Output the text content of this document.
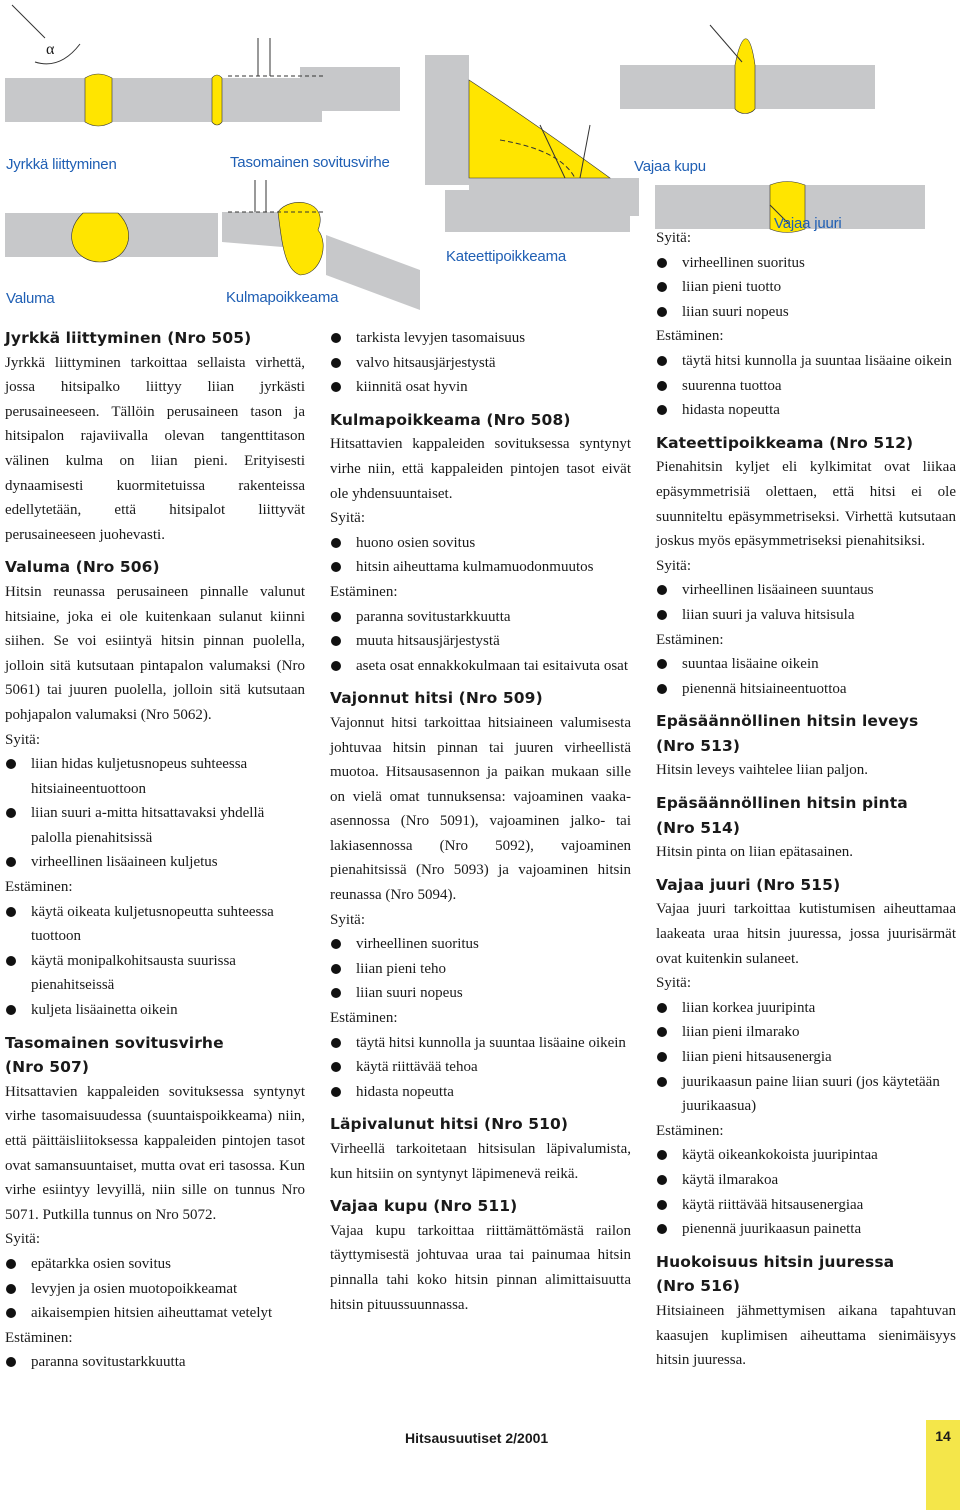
α
Jyrkkä liittyminen	Tasomainen sovitusvirhe	Vajaa kupu
Valuma	Kulmapoikkeama
Kateettipoikkeama
Vajaa juuri
Jyrkkä liittyminen (Nro 505)

Jyrkkä liittyminen tarkoittaa sellaista virhettä, jossa hitsipalko liittyy liian jyrkästi perusaineeseen. Tällöin perusaineen tason ja hitsipalon rajaviivalla olevan tangenttitason välinen kulma on liian pieni. Erityisesti dynaamisesti kuormitetuissa rakenteissa edellytetään, että hitsipalot liittyvät perusaineeseen juohevasti.

Valuma (Nro 506)

Hitsin reunassa perusaineen pinnalle valunut hitsiaine, joka ei ole kuitenkaan sulanut kiinni siihen. Se voi esiintyä hitsin pinnan puolella, jolloin sitä kutsutaan pintapalon valumaksi (Nro 5061) tai juuren puolella, jolloin sitä kutsutaan pohjapalon valumaksi (Nro 5062).

Syitä:
liian hidas kuljetusnopeus suhteessa hitsiaineentuottoon
liian suuri a-mitta hitsattavaksi yhdellä palolla pienahitsissä
virheellinen lisäaineen kuljetus
Estäminen:
käytä oikeata kuljetusnopeutta suhteessa tuottoon
käytä monipalkohitsausta suurissa pienahitseissä
kuljeta lisäainetta oikein
Tasomainen sovitusvirhe
(Nro 507)

Hitsattavien kappaleiden sovituksessa syntynyt virhe tasomaisuudessa (suuntaispoikkeama) niin, että päittäisliitoksessa kappaleiden pintojen tasot ovat samansuuntaiset, mutta ovat eri tasossa. Kun virhe esiintyy levyillä, niin sille on tunnus Nro 5071. Putkilla tunnus on Nro 5072.

Syitä:
epätarkka osien sovitus
levyjen ja osien muotopoikkeamat
aikaisempien hitsien aiheuttamat vetelyt
Estäminen:
paranna sovitustarkkuutta
tarkista levyjen tasomaisuus
valvo hitsausjärjestystä
kiinnitä osat hyvin
Kulmapoikkeama (Nro 508)

Hitsattavien kappaleiden sovituksessa syntynyt virhe niin, että kappaleiden pintojen tasot eivät ole yhdensuuntaiset.

Syitä:
huono osien sovitus
hitsin aiheuttama kulmamuodonmuutos
Estäminen:
paranna sovitustarkkuutta
muuta hitsausjärjestystä
aseta osat ennakkokulmaan tai esitaivuta osat
Vajonnut hitsi (Nro 509)

Vajonnut hitsi tarkoittaa hitsiaineen valumisesta johtuvaa hitsin pinnan tai juuren virheellistä muotoa. Hitsausasennon ja paikan mukaan sille on vielä omat tunnuksensa: vajoaminen vaaka-asennossa (Nro 5091), vajoaminen jalko- tai lakiasennossa (Nro 5092), vajoaminen pienahitsissä (Nro 5093) ja vajoaminen hitsin reunassa (Nro 5094).

Syitä:
virheellinen suoritus
liian pieni teho
liian suuri nopeus
Estäminen:
täytä hitsi kunnolla ja suuntaa lisäaine oikein
käytä riittävää tehoa
hidasta nopeutta
Läpivalunut hitsi (Nro 510)

Virheellä tarkoitetaan hitsisulan läpivalumista, kun hitsiin on syntynyt läpimenevä reikä.

Vajaa kupu (Nro 511)

Vajaa kupu tarkoittaa riittämättömästä railon täyttymisestä johtuvaa uraa tai painumaa hitsin pinnalla tahi koko hitsin pinnan alimittaisuutta hitsin pituussuunnassa.

Syitä:
virheellinen suoritus
liian pieni tuotto
liian suuri nopeus
Estäminen:
täytä hitsi kunnolla ja suuntaa lisäaine oikein
suurenna tuottoa
hidasta nopeutta
Kateettipoikkeama (Nro 512)

Pienahitsin kyljet eli kylkimitat ovat liikaa epäsymmetrisiä olettaen, että hitsi ei ole suunniteltu epäsymmetriseksi. Virhettä kutsutaan joskus myös epäsymmetriseksi pienahitsiksi.

Syitä:
virheellinen lisäaineen suuntaus
liian suuri ja valuva hitsisula
Estäminen:
suuntaa lisäaine oikein
pienennä hitsiaineentuottoa
Epäsäännöllinen hitsin leveys
(Nro 513)

Hitsin leveys vaihtelee liian paljon.

Epäsäännöllinen hitsin pinta
(Nro 514)

Hitsin pinta on liian epätasainen.

Vajaa juuri (Nro 515)

Vajaa juuri tarkoittaa kutistumisen aiheuttamaa laakeata uraa hitsin juuressa, jossa juurisärmät ovat kuitenkin sulaneet.

Syitä:
liian korkea juuripinta
liian pieni ilmarako
liian pieni hitsausenergia
juurikaasun paine liian suuri (jos käytetään juurikaasua)
Estäminen:
käytä oikeankokoista juuripintaa
käytä ilmarakoa
käytä riittävää hitsausenergiaa
pienennä juurikaasun painetta
Huokoisuus hitsin juuressa
(Nro 516)

Hitsiaineen jähmettymisen aikana tapahtuvan kaasujen kuplimisen aiheuttama sienimäisyys hitsin juuressa.

Hitsausuutiset 2/2001	14
